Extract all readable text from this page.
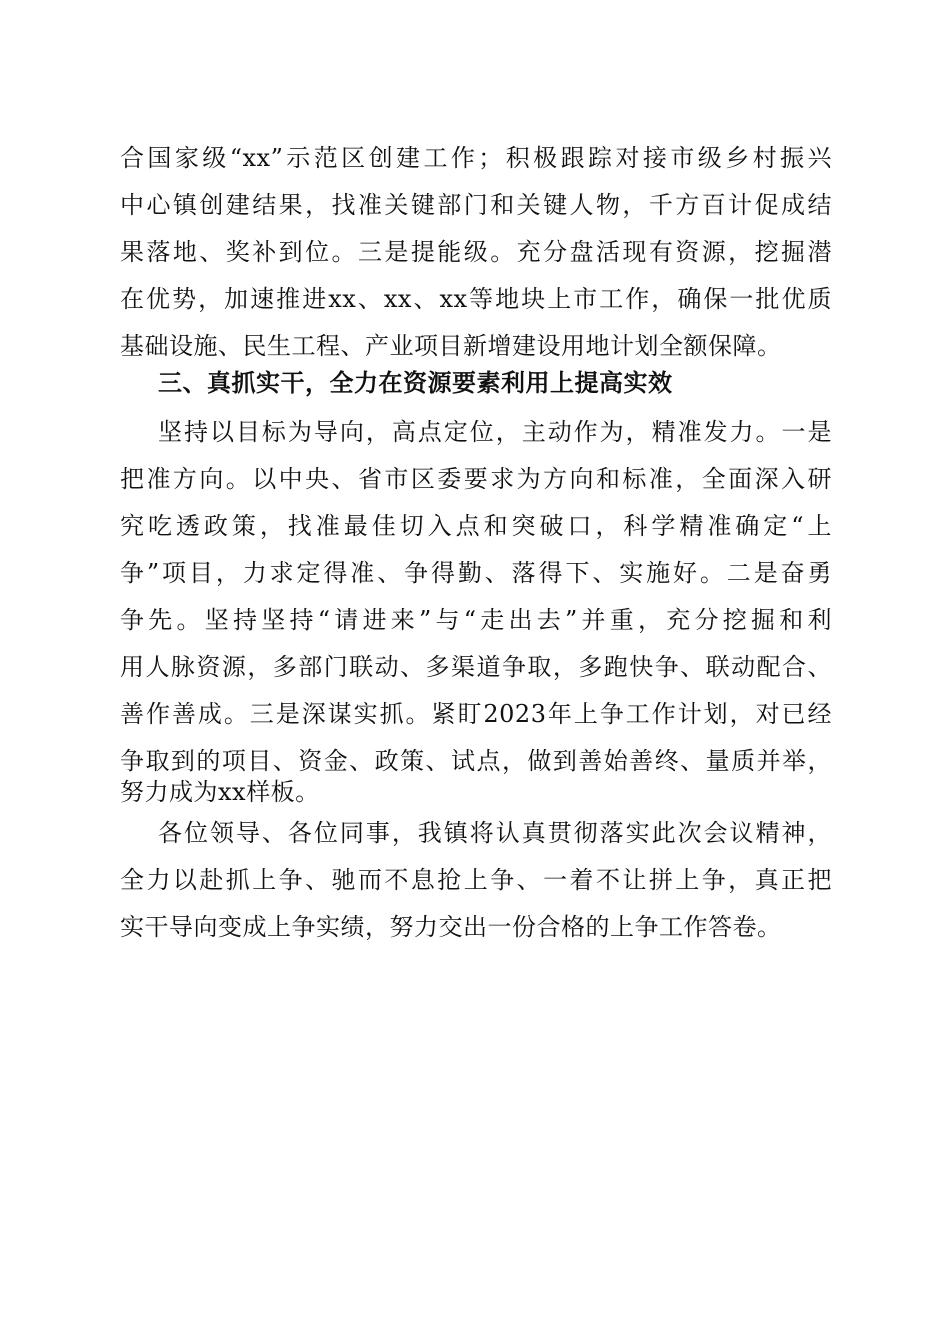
合国家级“xx”示范区创建工作；积极跟踪对接市级乡村振兴
中心镇创建结果，找准关键部门和关键人物，千方百计促成结
果落地、奖补到位。三是提能级。充分盘活现有资源，挖掘潜
在优势，加速推进xx、xx、xx等地块上市工作，确保一批优质
基础设施、民生工程、产业项目新增建设用地计划全额保障。
三、真抓实干，全力在资源要素利用上提高实效
坚持以目标为导向，高点定位，主动作为，精准发力。一是
把准方向。以中央、省市区委要求为方向和标准，全面深入研
究吃透政策，找准最佳切入点和突破口，科学精准确定“上
争”项目，力求定得准、争得勤、落得下、实施好。二是奋勇
争先。坚持坚持“请进来”与“走出去”并重，充分挖掘和利
用人脉资源，多部门联动、多渠道争取，多跑快争、联动配合、
善作善成。三是深谋实抓。紧盯2023年上争工作计划，对已经
争取到的项目、资金、政策、试点，做到善始善终、量质并举，
努力成为xx样板。
各位领导、各位同事，我镇将认真贯彻落实此次会议精神，
全力以赴抓上争、驰而不息抢上争、一着不让拼上争，真正把
实干导向变成上争实绩，努力交出一份合格的上争工作答卷。
